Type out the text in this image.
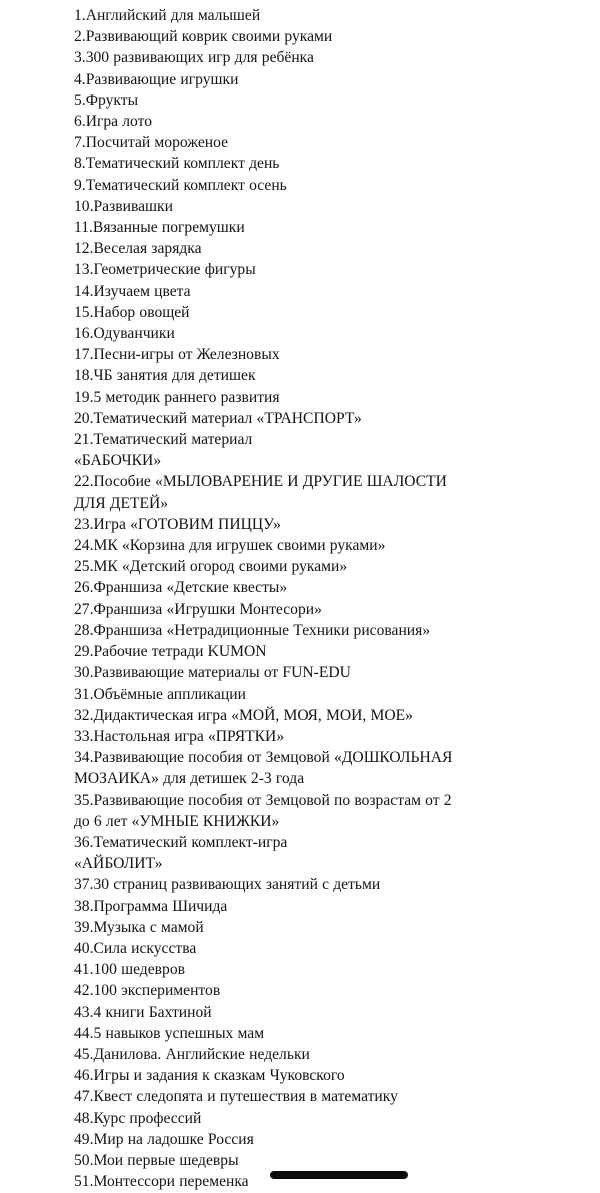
1.Английский для малышей
2.Развивающий коврик своими руками
3.300 развивающих игр для ребёнка
4.Развивающие игрушки
5.Фрукты
6.Игра лото
7.Посчитай мороженое
8.Тематический комплект день
9.Тематический комплект осень
10.Развивашки
11.Вязанные погремушки
12.Веселая зарядка
13.Геометрические фигуры
14.Изучаем цвета
15.Набор овощей
16.Одуванчики
17.Песни-игры от Железновых
18.ЧБ занятия для детишек
19.5 методик раннего развития
20.Тематический материал «ТРАНСПОРТ»
21.Тематический материал
«БАБОЧКИ»
22.Пособие «МЫЛОВАРЕНИЕ И ДРУГИЕ ШАЛОСТИ
ДЛЯ ДЕТЕЙ»
23.Игра «ГОТОВИМ ПИЦЦУ»
24.МК «Корзина для игрушек своими руками»
25.МК «Детский огород своими руками»
26.Франшиза «Детские квесты»
27.Франшиза «Игрушки Монтесори»
28.Франшиза «Нетрадиционные Техники рисования»
29.Рабочие тетради KUMON
30.Развивающие материалы от FUN-EDU
31.Объёмные аппликации
32.Дидактическая игра «МОЙ, МОЯ, МОИ, МОЕ»
33.Настольная игра «ПРЯТКИ»
34.Развивающие пособия от Земцовой «ДОШКОЛЬНАЯ
МОЗАИКА» для детишек 2-3 года
35.Развивающие пособия от Земцовой по возрастам от 2
до 6 лет «УМНЫЕ КНИЖКИ»
36.Тематический комплект-игра
«АЙБОЛИТ»
37.30 страниц развивающих занятий с детьми
38.Программа Шичида
39.Музыка с мамой
40.Сила искусства
41.100 шедевров
42.100 экспериментов
43.4 книги Бахтиной
44.5 навыков успешных мам
45.Данилова. Английские недельки
46.Игры и задания к сказкам Чуковского
47.Квест следопята и путешествия в математику
48.Курс профессий
49.Мир на ладошке Россия
50.Мои первые шедевры
51.Монтессори переменка
